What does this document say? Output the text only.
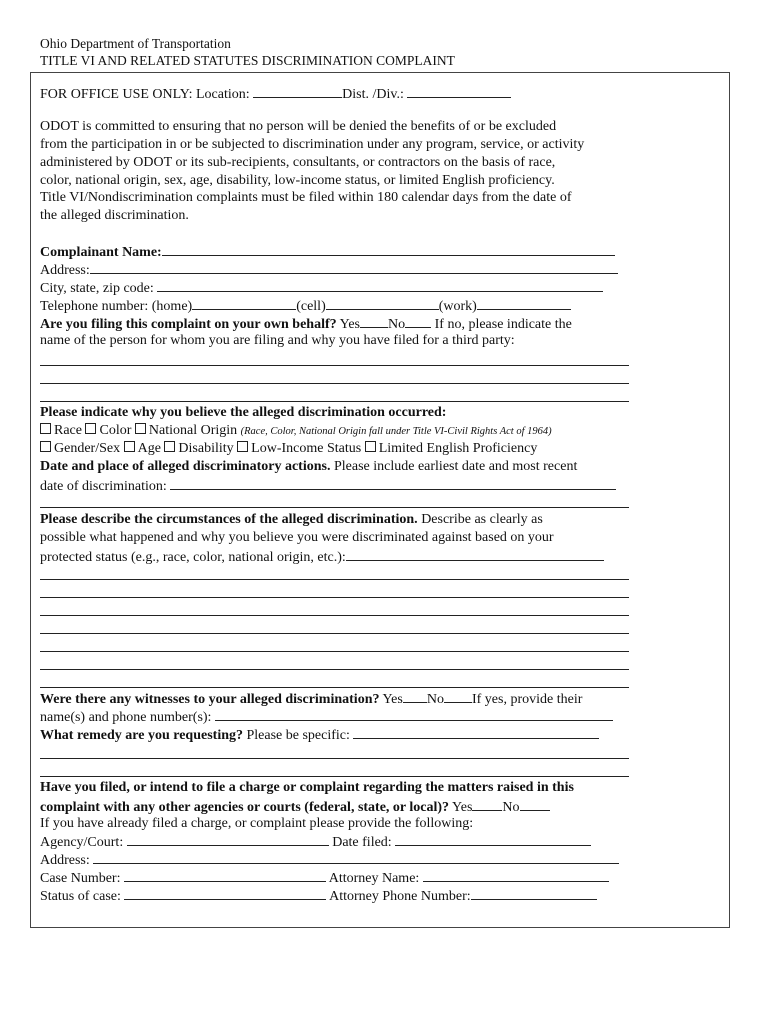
Ohio Department of Transportation
TITLE VI AND RELATED STATUTES DISCRIMINATION COMPLAINT
FOR OFFICE USE ONLY: Location:	Dist. /Div.:
ODOT is committed to ensuring that no person will be denied the benefits of or be excluded
from the participation in or be subjected to discrimination under any program, service, or activity
administered by ODOT or its sub-recipients, consultants, or contractors on the basis of race,
color, national origin, sex, age, disability, low-income status, or limited English proficiency.
Title VI/Nondiscrimination complaints must be filed within 180 calendar days from the date of
the alleged discrimination.
Complainant Name:
Address:
City, state, zip code:
Telephone number: (home)	(cell)	(work)
Are you filing this complaint on your own behalf? Yes No If no, please indicate the
name of the person for whom you are filing and why you have filed for a third party:
Please indicate why you believe the alleged discrimination occurred:
Race Color National Origin (Race, Color, National Origin fall under Title VI-Civil Rights Act of 1964)
Gender/Sex Age Disability Low-Income Status Limited English Proficiency
Date and place of alleged discriminatory actions. Please include earliest date and most recent
date of discrimination:
Please describe the circumstances of the alleged discrimination. Describe as clearly as
possible what happened and why you believe you were discriminated against based on your
protected status (e.g., race, color, national origin, etc.):
Were there any witnesses to your alleged discrimination? Yes No If yes, provide their
name(s) and phone number(s):
What remedy are you requesting? Please be specific:
Have you filed, or intend to file a charge or complaint regarding the matters raised in this
complaint with any other agencies or courts (federal, state, or local)? Yes No
If you have already filed a charge, or complaint please provide the following:
Agency/Court:	Date filed:
Address:
Case Number:	Attorney Name:
Status of case:	Attorney Phone Number:
